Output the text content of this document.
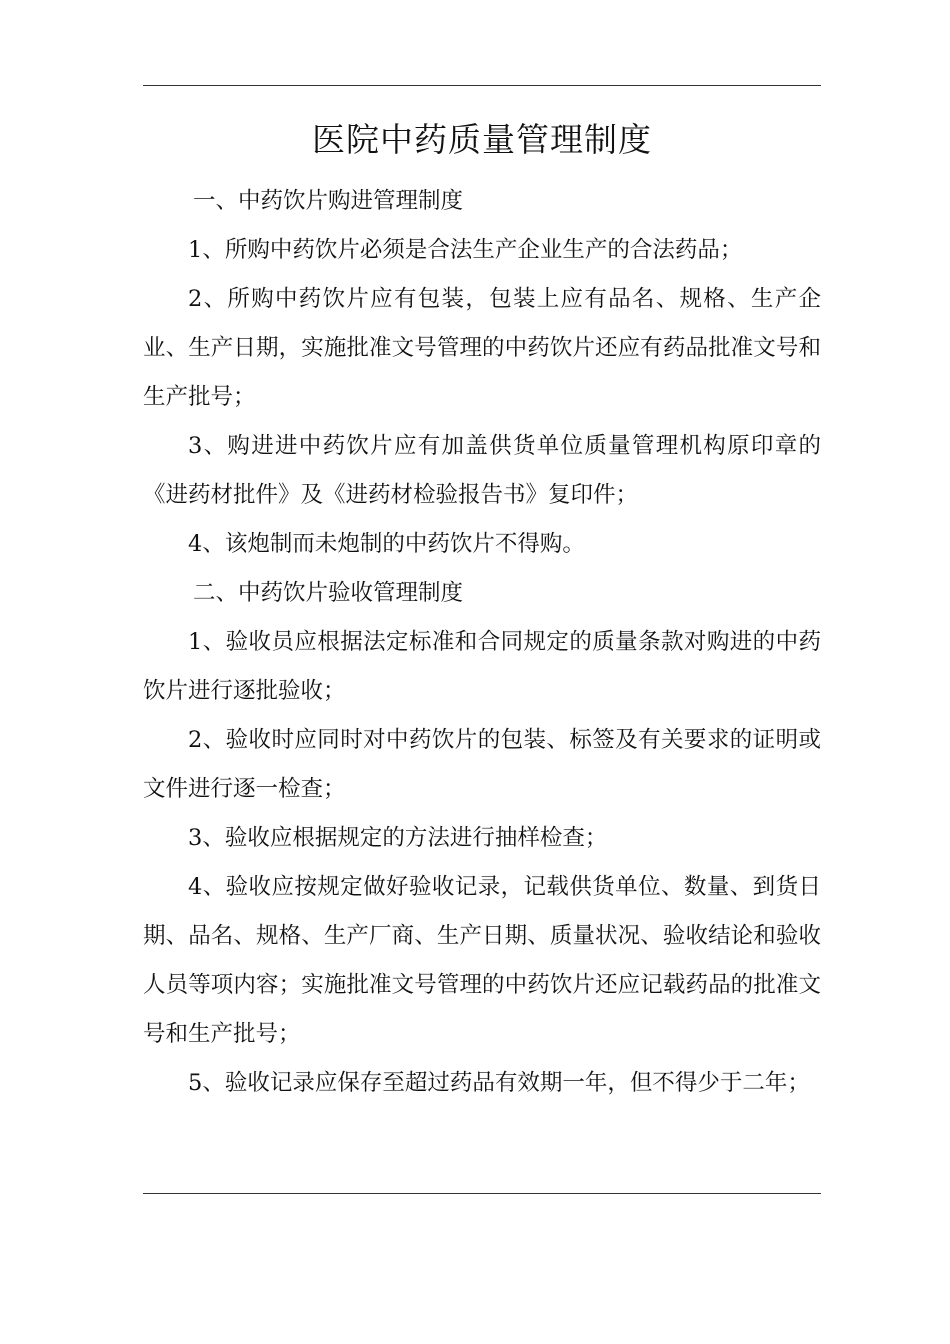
医院中药质量管理制度

一、中药饮片购进管理制度

1、所购中药饮片必须是合法生产企业生产的合法药品；

2、所购中药饮片应有包装，包装上应有品名、规格、生产企业、生产日期，实施批准文号管理的中药饮片还应有药品批准文号和生产批号；

3、购进进中药饮片应有加盖供货单位质量管理机构原印章的《进药材批件》及《进药材检验报告书》复印件；

4、该炮制而未炮制的中药饮片不得购。

二、中药饮片验收管理制度

1、验收员应根据法定标准和合同规定的质量条款对购进的中药饮片进行逐批验收；

2、验收时应同时对中药饮片的包装、标签及有关要求的证明或文件进行逐一检查；

3、验收应根据规定的方法进行抽样检查；

4、验收应按规定做好验收记录，记载供货单位、数量、到货日期、品名、规格、生产厂商、生产日期、质量状况、验收结论和验收人员等项内容；实施批准文号管理的中药饮片还应记载药品的批准文号和生产批号；

5、验收记录应保存至超过药品有效期一年，但不得少于二年；
